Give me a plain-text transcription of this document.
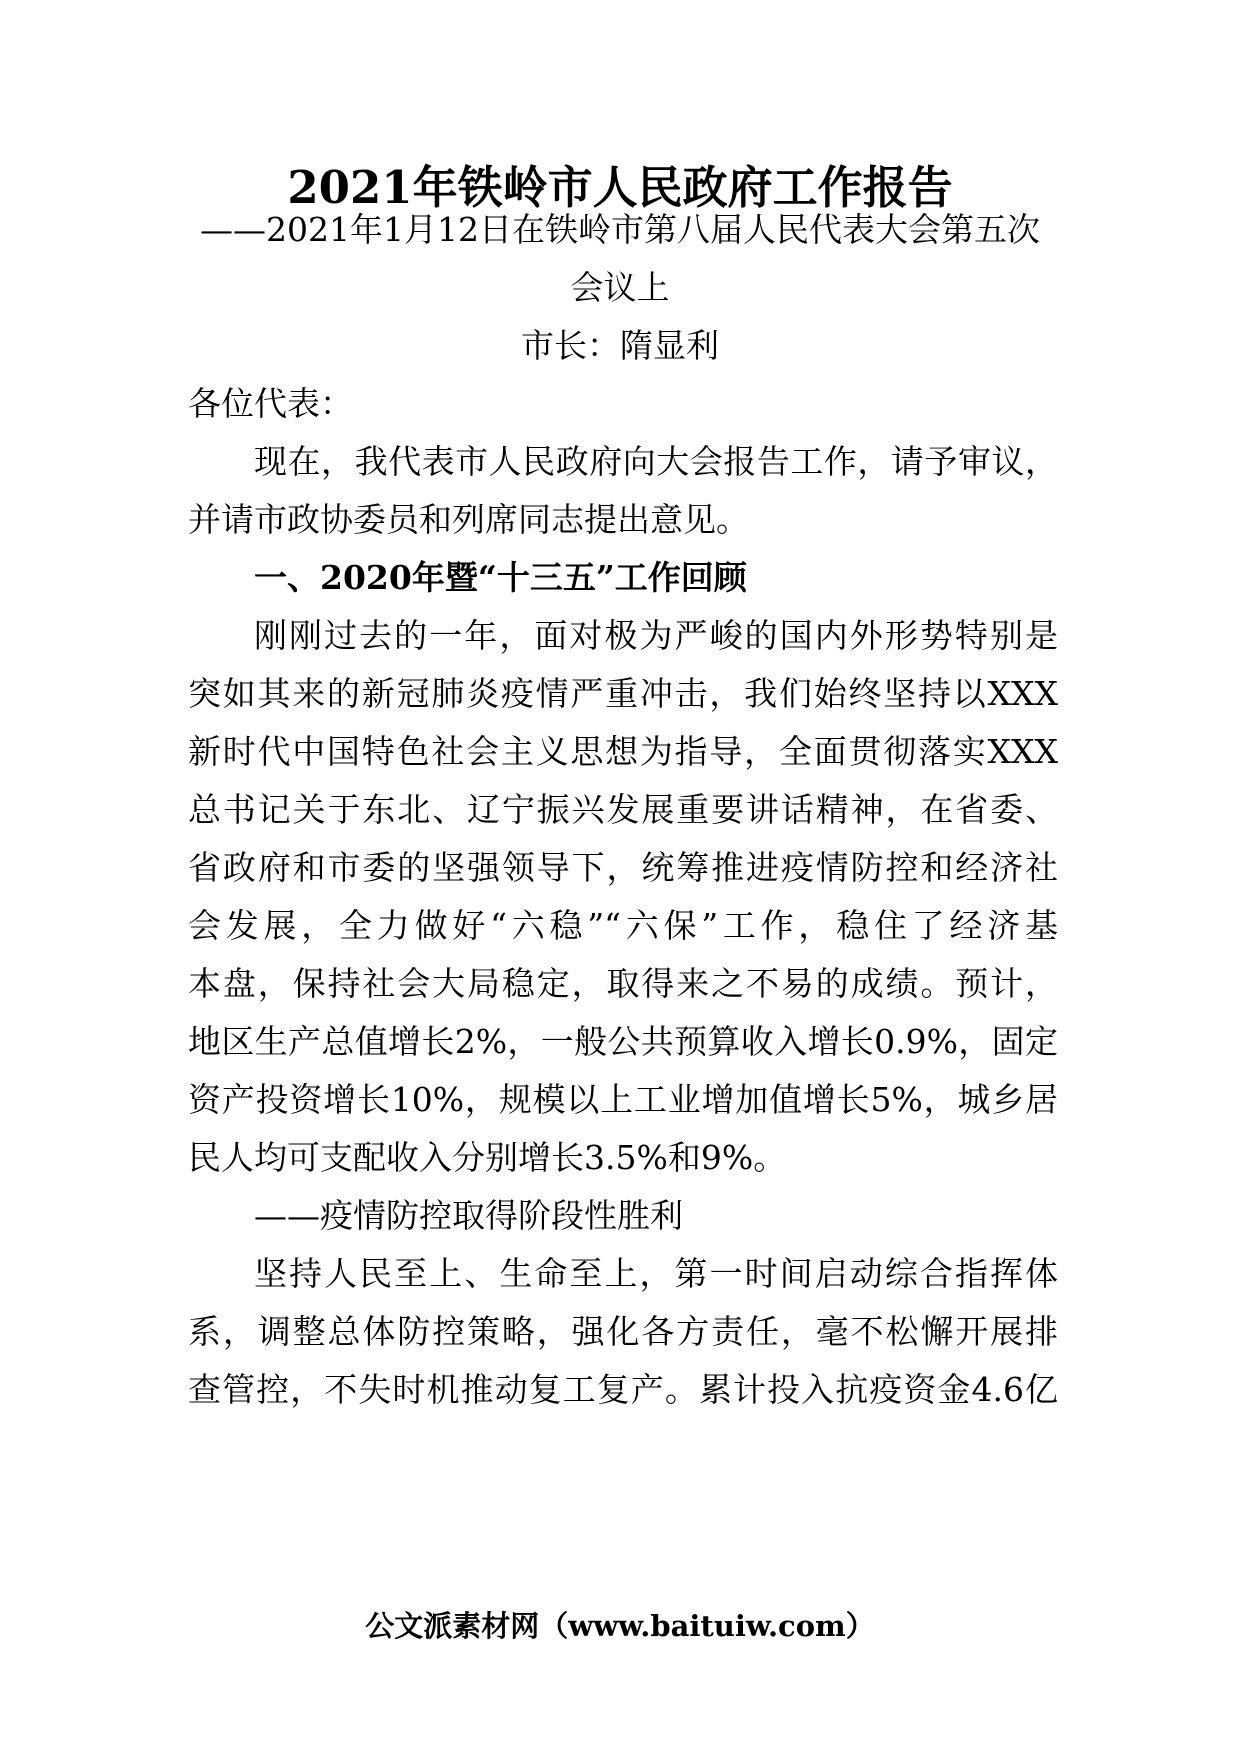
2021年铁岭市人民政府工作报告
——2021年1月12日在铁岭市第八届人民代表大会第五次
会议上
市长：隋显利
各位代表：
现在，我代表市人民政府向大会报告工作，请予审议，
并请市政协委员和列席同志提出意见。
一、2020年暨“十三五”工作回顾
刚刚过去的一年，面对极为严峻的国内外形势特别是
突如其来的新冠肺炎疫情严重冲击，我们始终坚持以XXX
新时代中国特色社会主义思想为指导，全面贯彻落实XXX
总书记关于东北、辽宁振兴发展重要讲话精神，在省委、
省政府和市委的坚强领导下，统筹推进疫情防控和经济社
会发展，全力做好“六稳”“六保”工作，稳住了经济基
本盘，保持社会大局稳定，取得来之不易的成绩。预计，
地区生产总值增长2%，一般公共预算收入增长0.9%，固定
资产投资增长10%，规模以上工业增加值增长5%，城乡居
民人均可支配收入分别增长3.5%和9%。
——疫情防控取得阶段性胜利
坚持人民至上、生命至上，第一时间启动综合指挥体
系，调整总体防控策略，强化各方责任，毫不松懈开展排
查管控，不失时机推动复工复产。累计投入抗疫资金4.6亿
公文派素材网（www.baituiw.com）
